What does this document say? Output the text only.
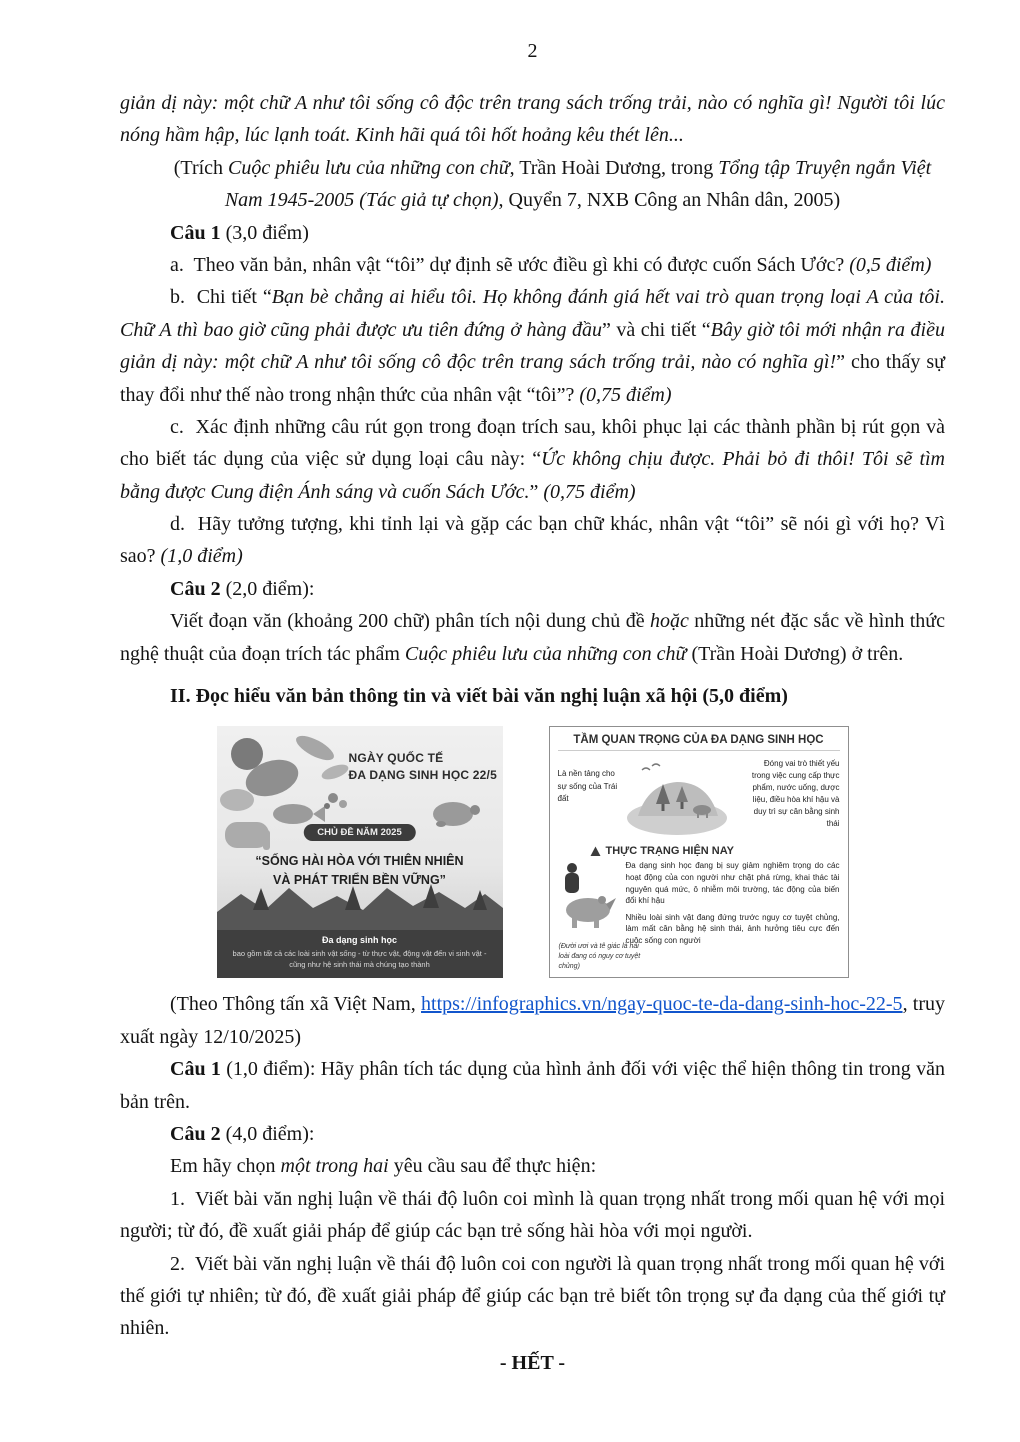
2
giản dị này: một chữ A như tôi sống cô độc trên trang sách trống trải, nào có nghĩa gì! Người tôi lúc nóng hầm hập, lúc lạnh toát. Kinh hãi quá tôi hốt hoảng kêu thét lên...
(Trích Cuộc phiêu lưu của những con chữ, Trần Hoài Dương, trong Tổng tập Truyện ngắn Việt Nam 1945-2005 (Tác giả tự chọn), Quyển 7, NXB Công an Nhân dân, 2005)
Câu 1 (3,0 điểm)
a.  Theo văn bản, nhân vật “tôi” dự định sẽ ước điều gì khi có được cuốn Sách Ước? (0,5 điểm)
b.  Chi tiết “Bạn bè chẳng ai hiểu tôi. Họ không đánh giá hết vai trò quan trọng loại A của tôi. Chữ A thì bao giờ cũng phải được ưu tiên đứng ở hàng đầu” và chi tiết “Bây giờ tôi mới nhận ra điều giản dị này: một chữ A như tôi sống cô độc trên trang sách trống trải, nào có nghĩa gì!” cho thấy sự thay đổi như thế nào trong nhận thức của nhân vật “tôi”? (0,75 điểm)
c.  Xác định những câu rút gọn trong đoạn trích sau, khôi phục lại các thành phần bị rút gọn và cho biết tác dụng của việc sử dụng loại câu này: “Ức không chịu được. Phải bỏ đi thôi! Tôi sẽ tìm bằng được Cung điện Ánh sáng và cuốn Sách Ước.” (0,75 điểm)
d.  Hãy tưởng tượng, khi tỉnh lại và gặp các bạn chữ khác, nhân vật “tôi” sẽ nói gì với họ? Vì sao? (1,0 điểm)
Câu 2 (2,0 điểm):
Viết đoạn văn (khoảng 200 chữ) phân tích nội dung chủ đề hoặc những nét đặc sắc về hình thức nghệ thuật của đoạn trích tác phẩm Cuộc phiêu lưu của những con chữ (Trần Hoài Dương) ở trên.
II. Đọc hiểu văn bản thông tin và viết bài văn nghị luận xã hội (5,0 điểm)
NGÀY QUỐC TẾ
ĐA DẠNG SINH HỌC 22/5
CHỦ ĐỀ NĂM 2025
“SỐNG HÀI HÒA VỚI THIÊN NHIÊN
VÀ PHÁT TRIỂN BỀN VỮNG”
Đa dạng sinh học
bao gồm tất cả các loài sinh vật sống - từ thực vật, động vật đến vi sinh vật -
cũng như hệ sinh thái mà chúng tạo thành
TẦM QUAN TRỌNG CỦA ĐA DẠNG SINH HỌC
Là nền tảng cho sự sống của Trái đất
Đóng vai trò thiết yếu trong việc cung cấp thực phẩm, nước uống, dược liệu, điều hòa khí hậu và duy trì sự cân bằng sinh thái
THỰC TRẠNG HIỆN NAY

Đa dạng sinh học đang bị suy giảm nghiêm trọng do các hoạt động của con người như chặt phá rừng, khai thác tài nguyên quá mức, ô nhiễm môi trường, tác động của biến đổi khí hậu

Nhiều loài sinh vật đang đứng trước nguy cơ tuyệt chủng, làm mất cân bằng hệ sinh thái, ảnh hưởng tiêu cực đến cuộc sống con người

(Đười ươi và tê giác là hai loài đang có nguy cơ tuyệt chủng)
(Theo Thông tấn xã Việt Nam, https://infographics.vn/ngay-quoc-te-da-dang-sinh-hoc-22-5, truy xuất ngày 12/10/2025)
Câu 1 (1,0 điểm): Hãy phân tích tác dụng của hình ảnh đối với việc thể hiện thông tin trong văn bản trên.
Câu 2 (4,0 điểm):
Em hãy chọn một trong hai yêu cầu sau để thực hiện:
1.  Viết bài văn nghị luận về thái độ luôn coi mình là quan trọng nhất trong mối quan hệ với mọi người; từ đó, đề xuất giải pháp để giúp các bạn trẻ sống hài hòa với mọi người.
2.  Viết bài văn nghị luận về thái độ luôn coi con người là quan trọng nhất trong mối quan hệ với thế giới tự nhiên; từ đó, đề xuất giải pháp để giúp các bạn trẻ biết tôn trọng sự đa dạng của thế giới tự nhiên.
- HẾT -
